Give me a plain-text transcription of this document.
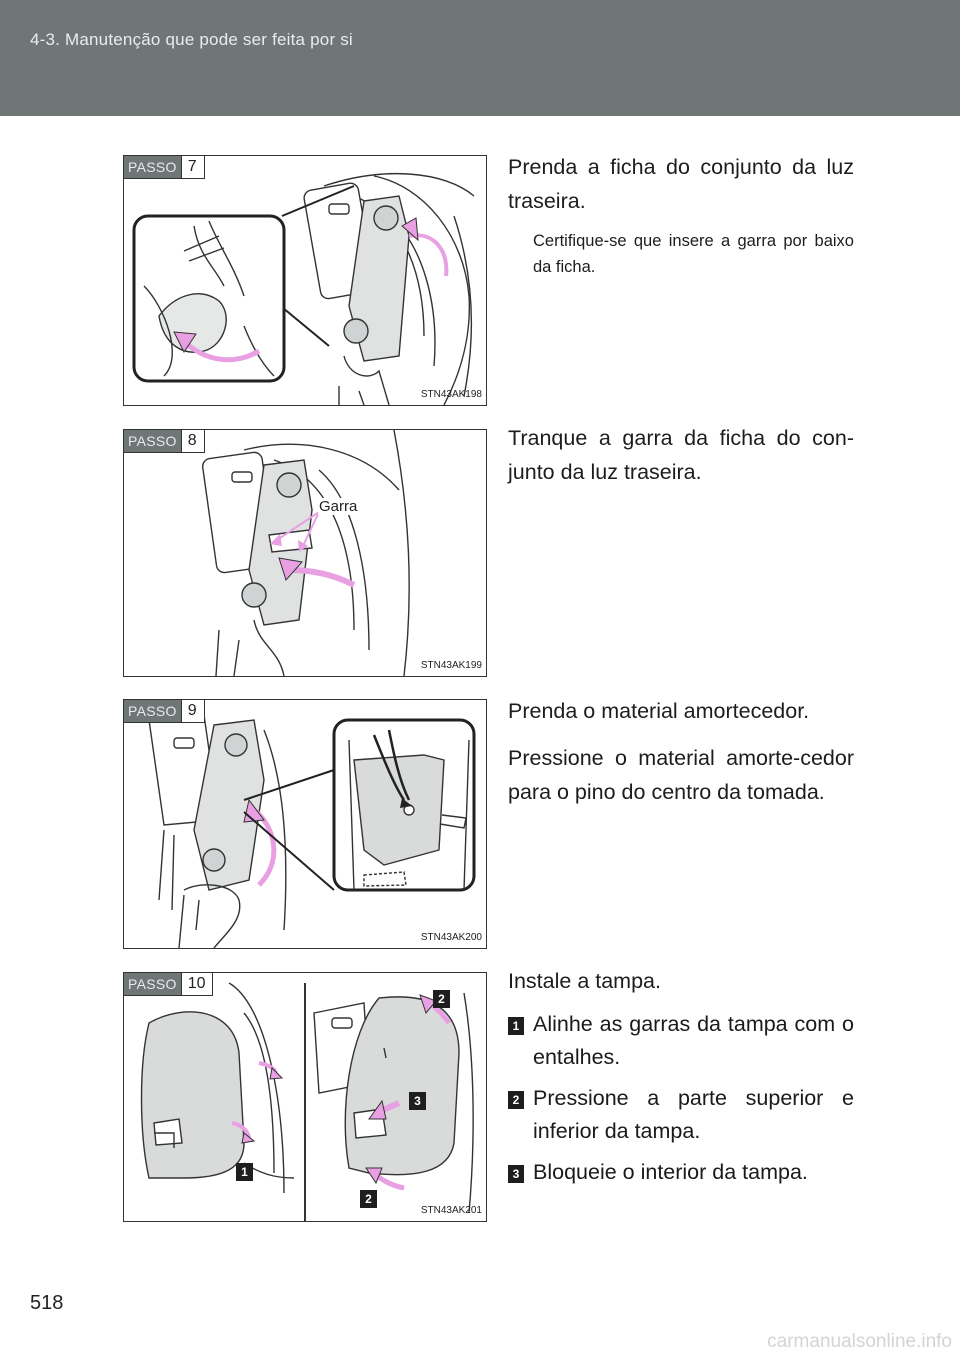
4-3. Manutenção que pode ser feita por si
PASSO 7
STN43AK198

Prenda a ficha do conjunto da luz traseira.

Certifique-se que insere a garra por baixo da ficha.

PASSO 8
Garra
STN43AK199

Tranque a garra da ficha do con-junto da luz traseira.

PASSO 9
STN43AK200

Prenda o material amortecedor.

Pressione o material amorte-cedor para o pino do centro da tomada.

PASSO 10
2
3
1
2
STN43AK201

Instale a tampa.

1 Alinhe as garras da tampa com o entalhes.
2 Pressione a parte superior e inferior da tampa.
3 Bloqueie o interior da tampa.
518
carmanualsonline.info
